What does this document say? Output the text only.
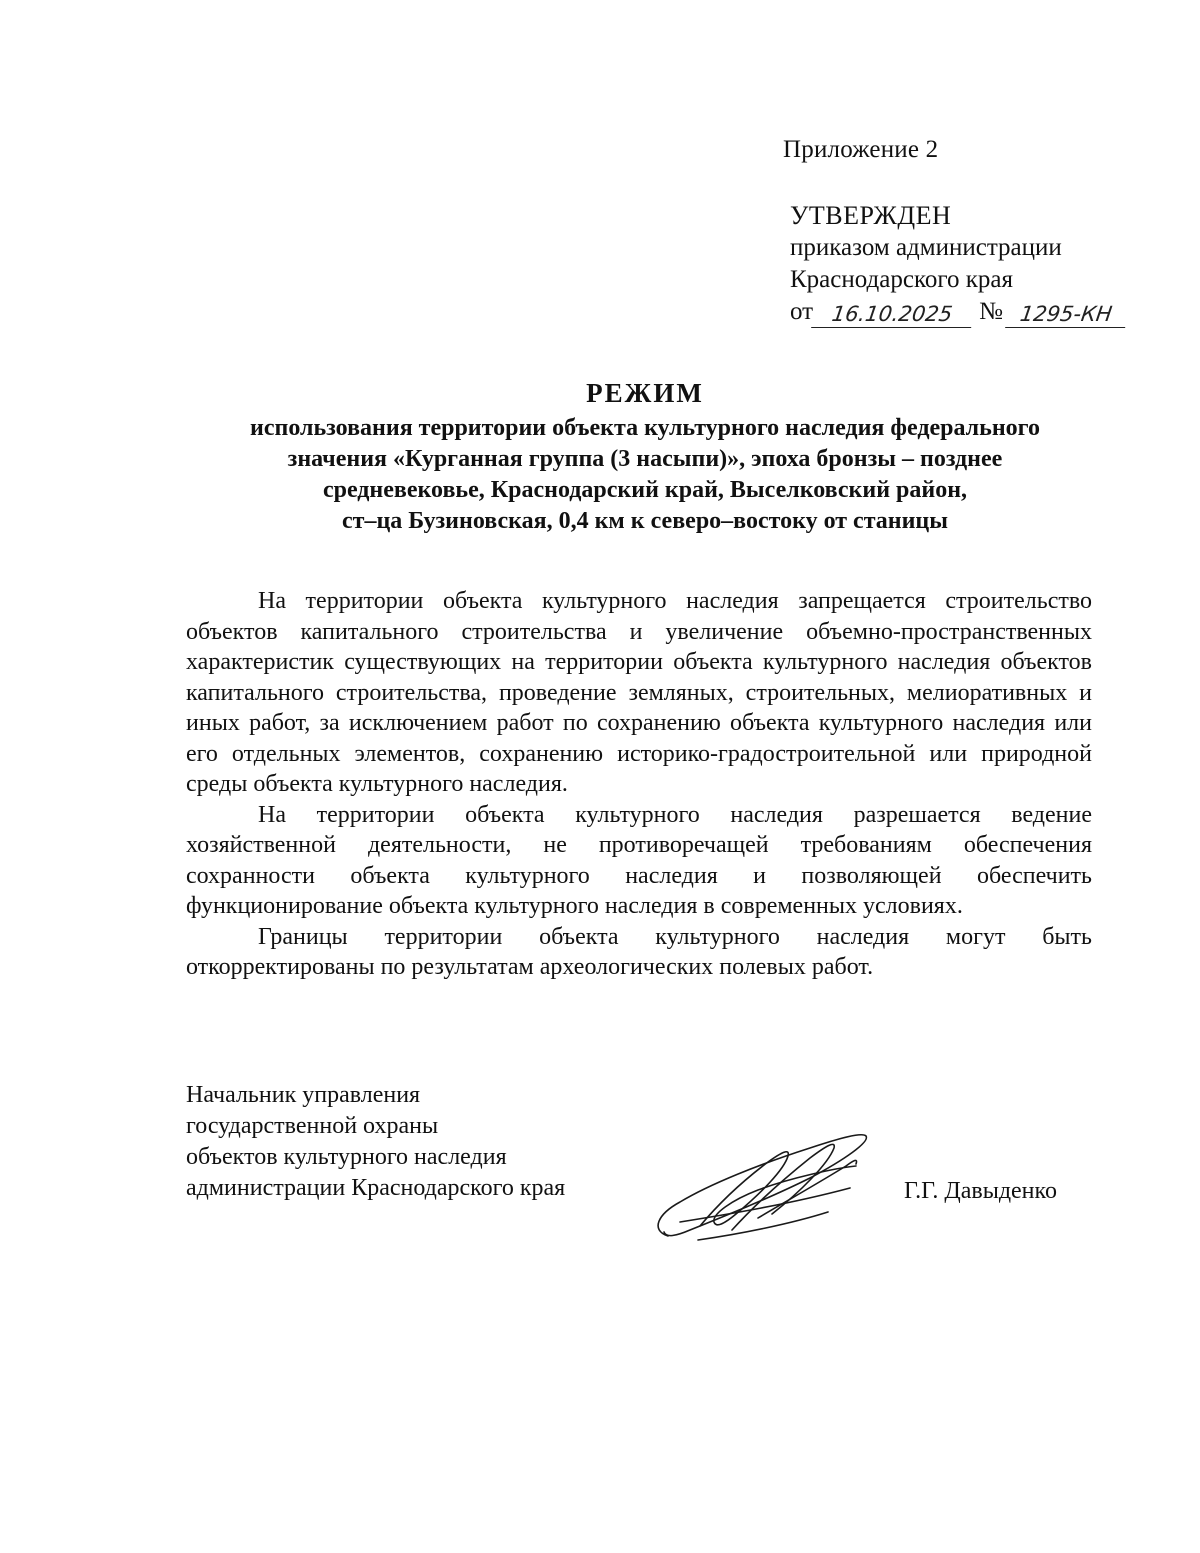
Приложение 2
УТВЕРЖДЕН
приказом администрации
Краснодарского края
от 16.10.2025	№ 1295-КН
РЕЖИМ
использования территории объекта культурного наследия федерального
значения «Курганная группа (3 насыпи)», эпоха бронзы – позднее
средневековье, Краснодарский край, Выселковский район,
ст–ца Бузиновская, 0,4 км к северо–востоку от станицы

На территории объекта культурного наследия запрещается строительство объектов капитального строительства и увеличение объемно-пространственных характеристик существующих на территории объекта культурного наследия объектов капитального строительства, проведение земляных, строительных, мелиоративных и иных работ, за исключением работ по сохранению объекта культурного наследия или его отдельных элементов, сохранению историко-градостроительной или природной среды объекта культурного наследия.

На территории объекта культурного наследия разрешается ведение хозяйственной деятельности, не противоречащей требованиям обеспечения сохранности объекта культурного наследия и позволяющей обеспечить функционирование объекта культурного наследия в современных условиях.

Границы территории объекта культурного наследия могут быть откорректированы по результатам археологических полевых работ.

Начальник управления
государственной охраны
объектов культурного наследия
администрации Краснодарского края	Г.Г. Давыденко
